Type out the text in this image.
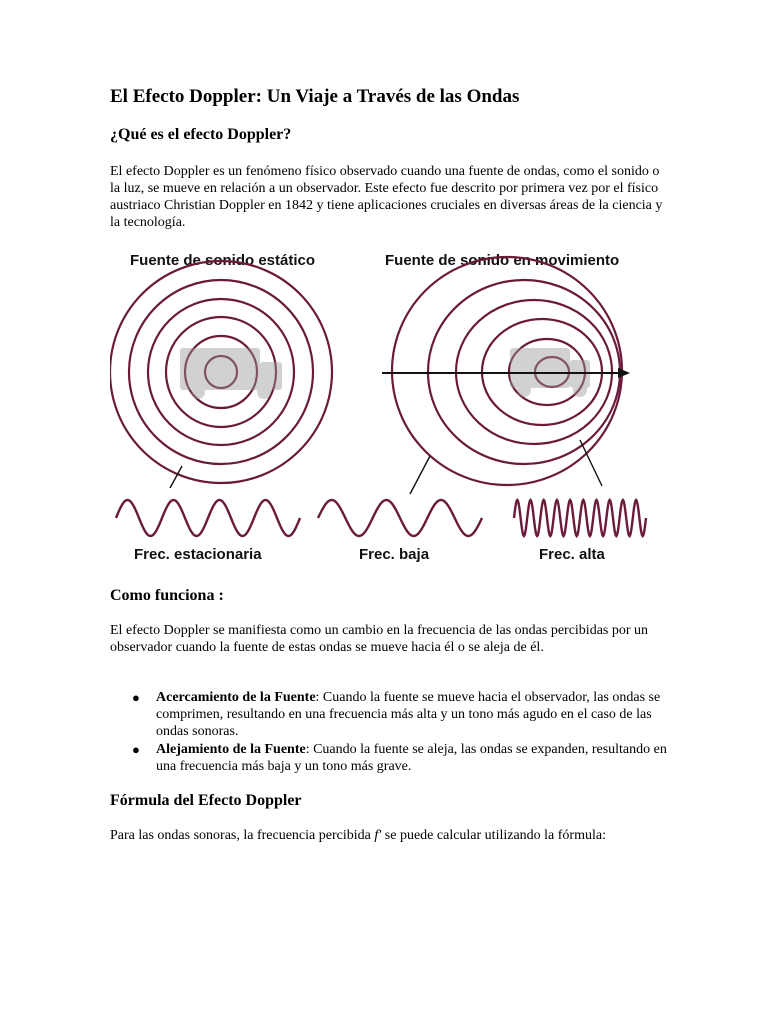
El Efecto Doppler: Un Viaje a Través de las Ondas
¿Qué es el efecto Doppler?

El efecto Doppler es un fenómeno físico observado cuando una fuente de ondas, como el sonido o la luz, se mueve en relación a un observador. Este efecto fue descrito por primera vez por el físico austriaco Christian Doppler en 1842 y tiene aplicaciones cruciales en diversas áreas de la ciencia y la tecnología.

Fuente de sonido estático	Fuente de sonido en movimiento
Frec. estacionaria	Frec. baja	Frec. alta
Como funciona :

El efecto Doppler se manifiesta como un cambio en la frecuencia de las ondas percibidas por un observador cuando la fuente de estas ondas se mueve hacia él o se aleja de él.

● Acercamiento de la Fuente: Cuando la fuente se mueve hacia el observador, las ondas se comprimen, resultando en una frecuencia más alta y un tono más agudo en el caso de las ondas sonoras.
● Alejamiento de la Fuente: Cuando la fuente se aleja, las ondas se expanden, resultando en una frecuencia más baja y un tono más grave.
Fórmula del Efecto Doppler

Para las ondas sonoras, la frecuencia percibida f′ se puede calcular utilizando la fórmula:
